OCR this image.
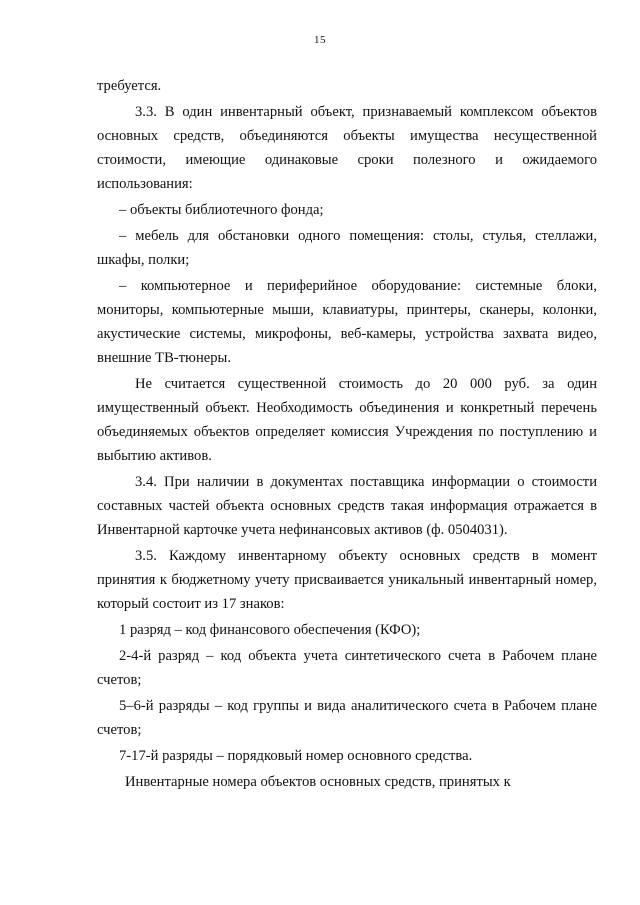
15

требуется.

3.3. В один инвентарный объект, признаваемый комплексом объектов основных средств, объединяются объекты имущества несущественной стоимости, имеющие одинаковые сроки полезного и ожидаемого использования:

– объекты библиотечного фонда;

– мебель для обстановки одного помещения: столы, стулья, стеллажи, шкафы, полки;

– компьютерное и периферийное оборудование: системные блоки, мониторы, компьютерные мыши, клавиатуры, принтеры, сканеры, колонки, акустические системы, микрофоны, веб-камеры, устройства захвата видео, внешние ТВ-тюнеры.

Не считается существенной стоимость до 20 000 руб. за один имущественный объект. Необходимость объединения и конкретный перечень объединяемых объектов определяет комиссия Учреждения по поступлению и выбытию активов.

3.4. При наличии в документах поставщика информации о стоимости составных частей объекта основных средств такая информация отражается в Инвентарной карточке учета нефинансовых активов (ф. 0504031).

3.5. Каждому инвентарному объекту основных средств в момент принятия к бюджетному учету присваивается уникальный инвентарный номер, который состоит из 17 знаков:

1 разряд – код финансового обеспечения (КФО);

2-4-й разряд – код объекта учета синтетического счета в Рабочем плане счетов;

5–6-й разряды – код группы и вида аналитического счета в Рабочем плане счетов;

7-17-й разряды – порядковый номер основного средства.

Инвентарные номера объектов основных средств, принятых к
